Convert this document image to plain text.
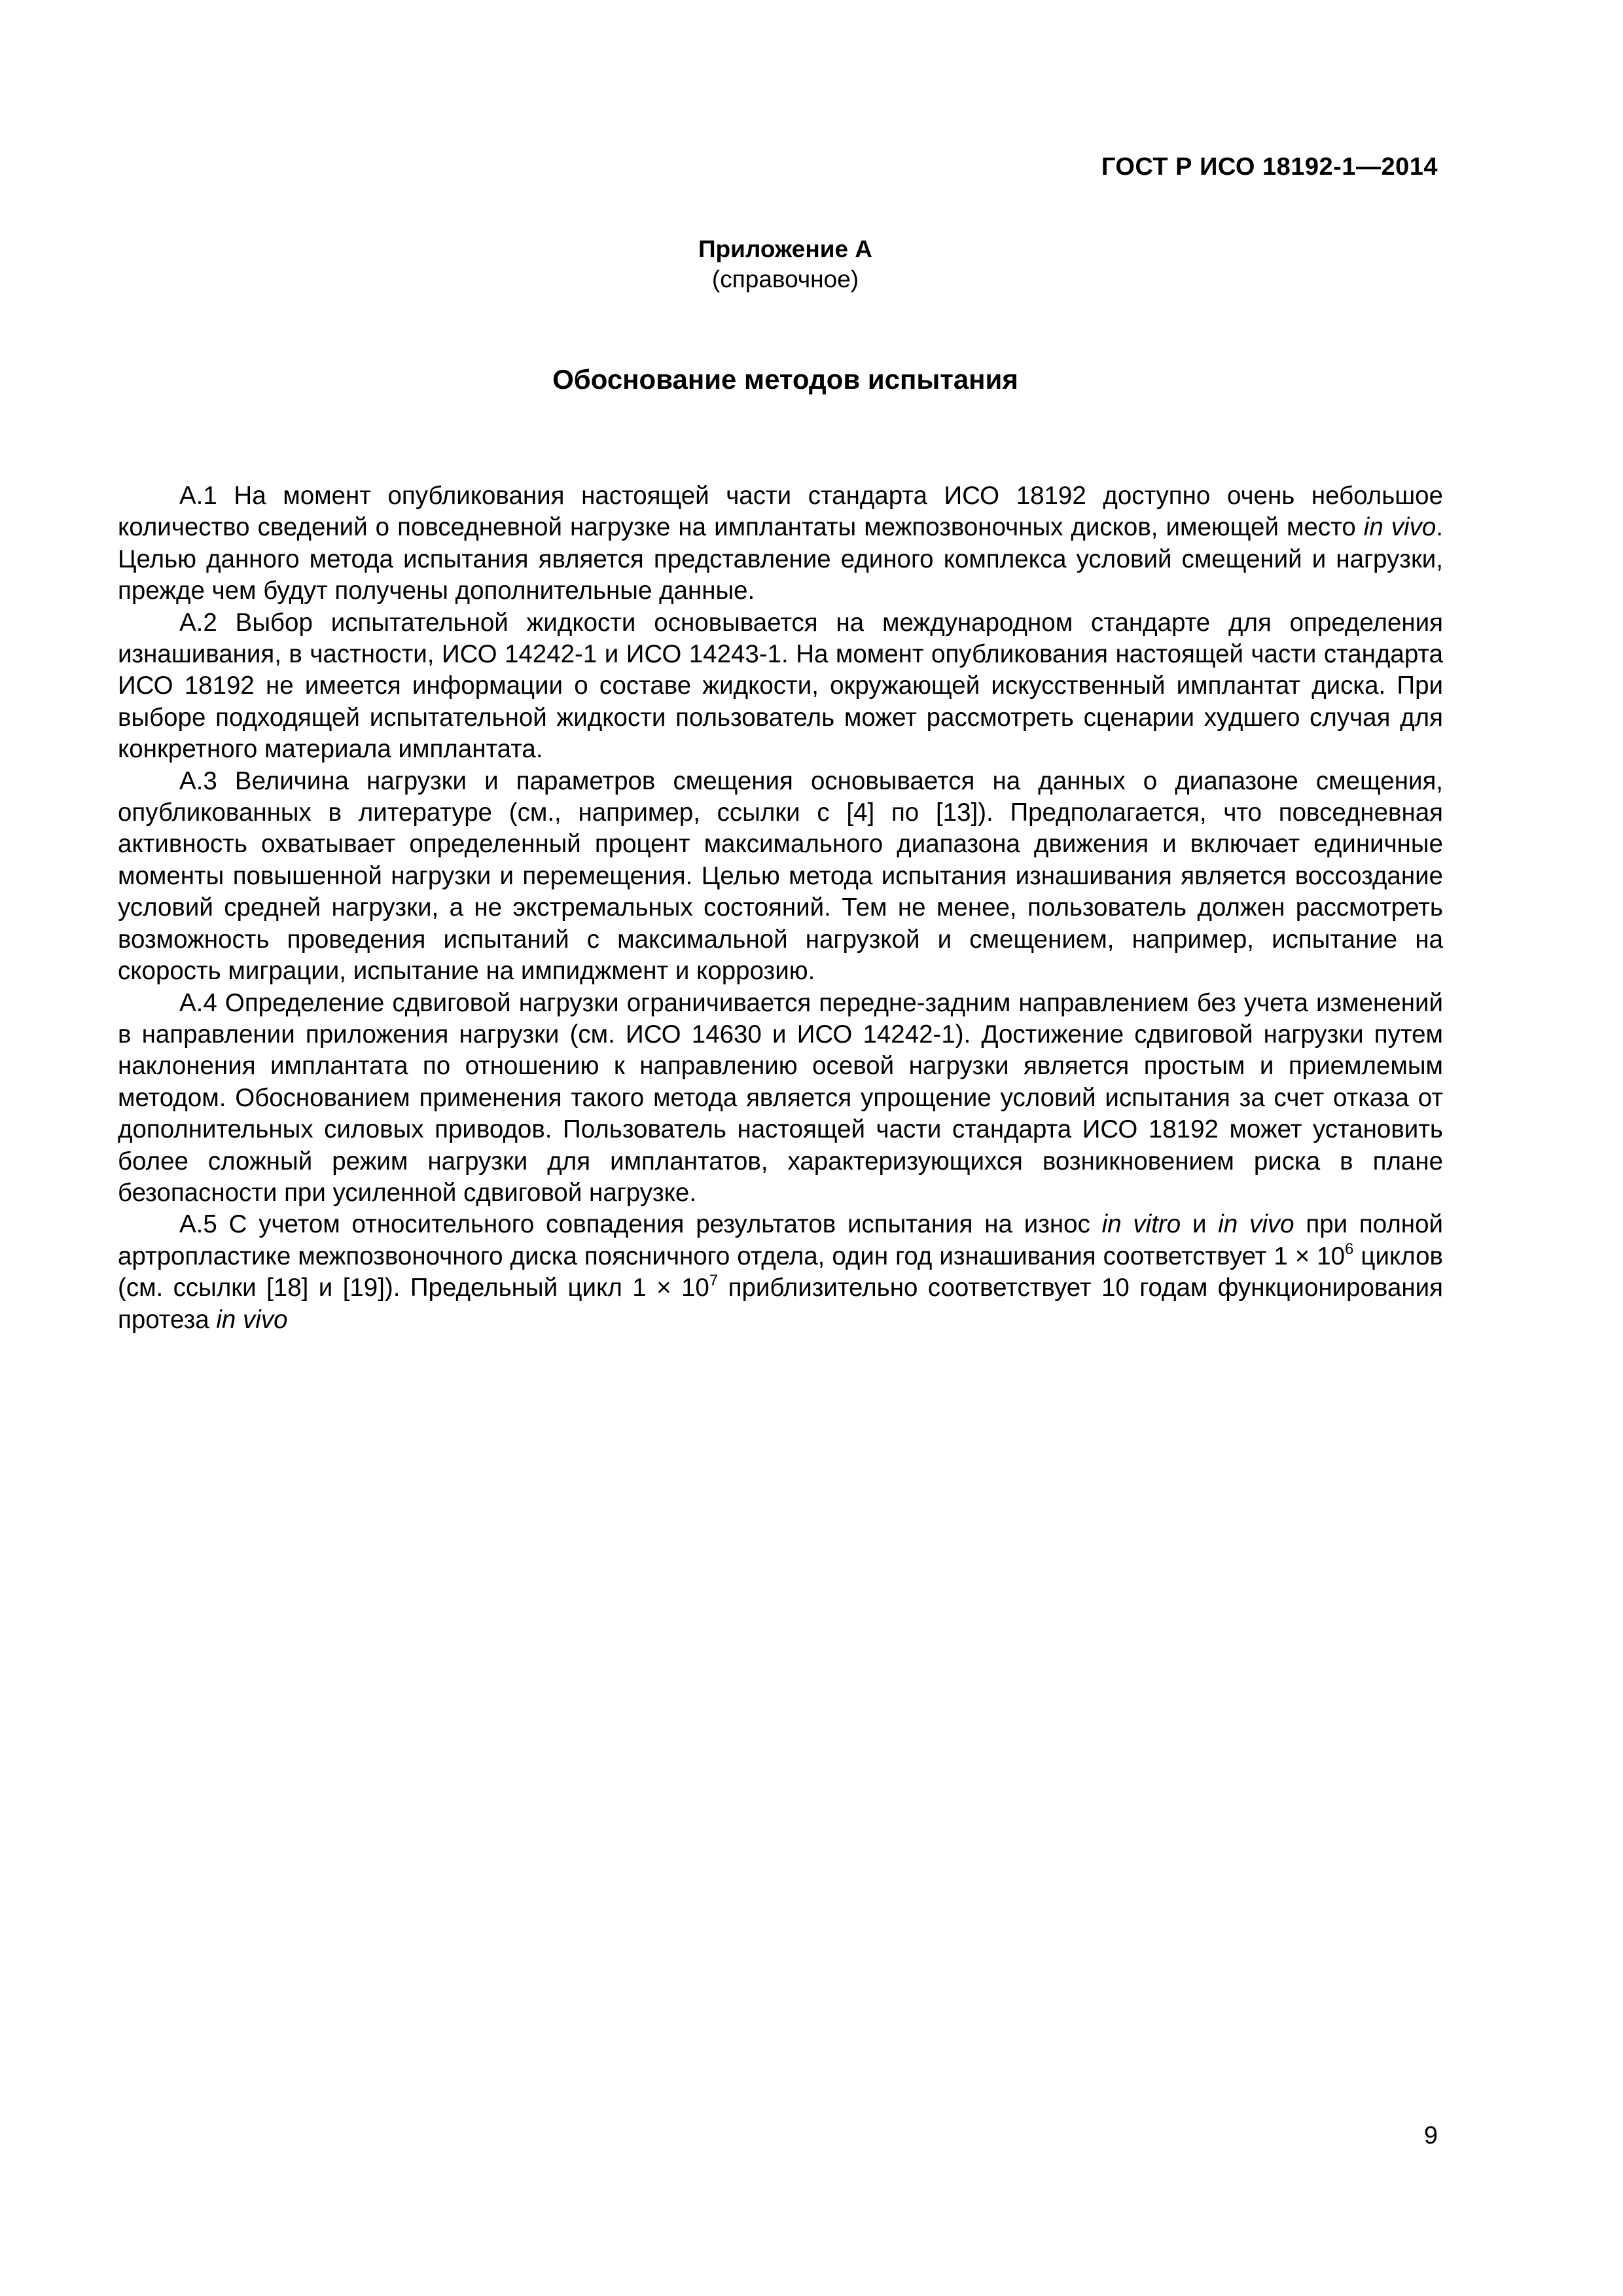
ГОСТ Р ИСО 18192-1—2014
Приложение А
(справочное)
Обоснование методов испытания

А.1 На момент опубликования настоящей части стандарта ИСО 18192 доступно очень небольшое количество сведений о повседневной нагрузке на имплантаты межпозвоночных дисков, имеющей место in vivo. Целью данного метода испытания является представление единого комплекса условий смещений и нагрузки, прежде чем будут получены дополнительные данные.

А.2 Выбор испытательной жидкости основывается на международном стандарте для определения изнашивания, в частности, ИСО 14242-1 и ИСО 14243-1. На момент опубликования настоящей части стандарта ИСО 18192 не имеется информации о составе жидкости, окружающей искусственный имплантат диска. При выборе подходящей испытательной жидкости пользователь может рассмотреть сценарии худшего случая для конкретного материала имплантата.

А.3 Величина нагрузки и параметров смещения основывается на данных о диапазоне смещения, опубликованных в литературе (см., например, ссылки с [4] по [13]). Предполагается, что повседневная активность охватывает определенный процент максимального диапазона движения и включает единичные моменты повышенной нагрузки и перемещения. Целью метода испытания изнашивания является воссоздание условий средней нагрузки, а не экстремальных состояний. Тем не менее, пользователь должен рассмотреть возможность проведения испытаний с максимальной нагрузкой и смещением, например, испытание на скорость миграции, испытание на импиджмент и коррозию.

А.4 Определение сдвиговой нагрузки ограничивается передне-задним направлением без учета изменений в направлении приложения нагрузки (см. ИСО 14630 и ИСО 14242-1). Достижение сдвиговой нагрузки путем наклонения имплантата по отношению к направлению осевой нагрузки является простым и приемлемым методом. Обоснованием применения такого метода является упрощение условий испытания за счет отказа от дополнительных силовых приводов. Пользователь настоящей части стандарта ИСО 18192 может установить более сложный режим нагрузки для имплантатов, характеризующихся возникновением риска в плане безопасности при усиленной сдвиговой нагрузке.

А.5 С учетом относительного совпадения результатов испытания на износ in vitro и in vivo при полной артропластике межпозвоночного диска поясничного отдела, один год изнашивания соответствует $1 \times 10^6$ циклов (см. ссылки [18] и [19]). Предельный цикл $1 \times 10^7$ приблизительно соответствует 10 годам функционирования протеза in vivo

9
